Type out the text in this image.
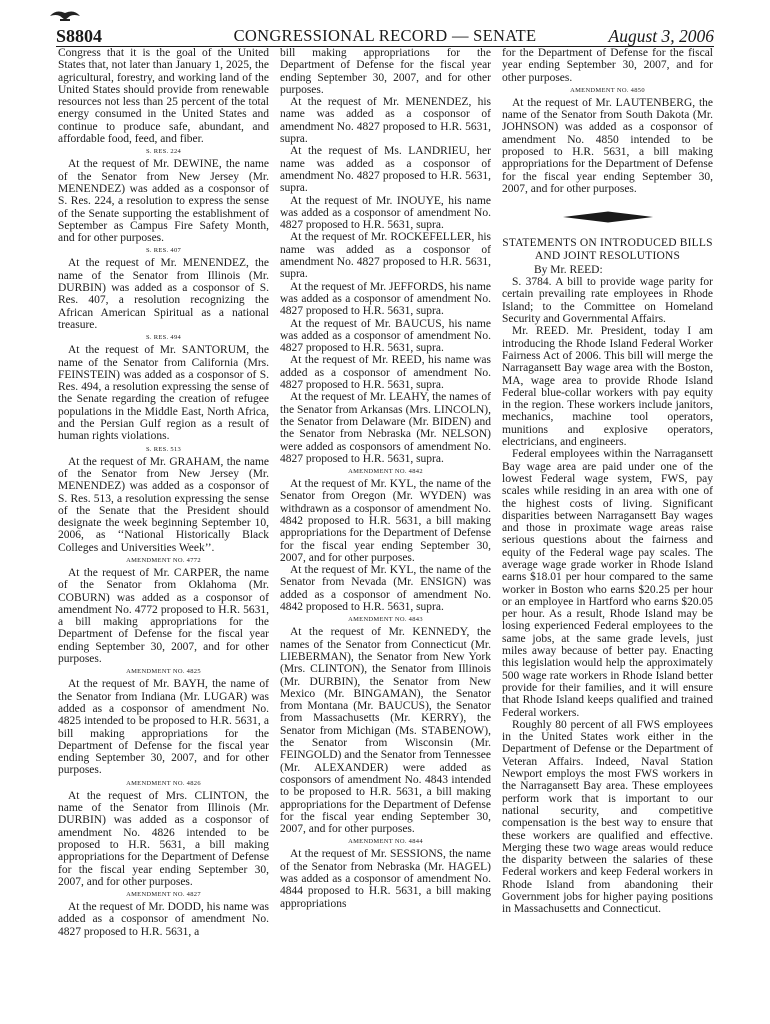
S8804	CONGRESSIONAL RECORD — SENATE	August 3, 2006

Congress that it is the goal of the United States that, not later than January 1, 2025, the agricultural, forestry, and working land of the United States should provide from renewable resources not less than 25 percent of the total energy consumed in the United States and continue to produce safe, abundant, and affordable food, feed, and fiber.

S. RES. 224

At the request of Mr. DEWINE, the name of the Senator from New Jersey (Mr. MENENDEZ) was added as a cosponsor of S. Res. 224, a resolution to express the sense of the Senate supporting the establishment of September as Campus Fire Safety Month, and for other purposes.

S. RES. 407

At the request of Mr. MENENDEZ, the name of the Senator from Illinois (Mr. DURBIN) was added as a cosponsor of S. Res. 407, a resolution recognizing the African American Spiritual as a national treasure.

S. RES. 494

At the request of Mr. SANTORUM, the name of the Senator from California (Mrs. FEINSTEIN) was added as a cosponsor of S. Res. 494, a resolution expressing the sense of the Senate regarding the creation of refugee populations in the Middle East, North Africa, and the Persian Gulf region as a result of human rights violations.

S. RES. 513

At the request of Mr. GRAHAM, the name of the Senator from New Jersey (Mr. MENENDEZ) was added as a cosponsor of S. Res. 513, a resolution expressing the sense of the Senate that the President should designate the week beginning September 10, 2006, as ‘‘National Historically Black Colleges and Universities Week’’.

AMENDMENT NO. 4772

At the request of Mr. CARPER, the name of the Senator from Oklahoma (Mr. COBURN) was added as a cosponsor of amendment No. 4772 proposed to H.R. 5631, a bill making appropriations for the Department of Defense for the fiscal year ending September 30, 2007, and for other purposes.

AMENDMENT NO. 4825

At the request of Mr. BAYH, the name of the Senator from Indiana (Mr. LUGAR) was added as a cosponsor of amendment No. 4825 intended to be proposed to H.R. 5631, a bill making appropriations for the Department of Defense for the fiscal year ending September 30, 2007, and for other purposes.

AMENDMENT NO. 4826

At the request of Mrs. CLINTON, the name of the Senator from Illinois (Mr. DURBIN) was added as a cosponsor of amendment No. 4826 intended to be proposed to H.R. 5631, a bill making appropriations for the Department of Defense for the fiscal year ending September 30, 2007, and for other purposes.

AMENDMENT NO. 4827

At the request of Mr. DODD, his name was added as a cosponsor of amendment No. 4827 proposed to H.R. 5631, a

bill making appropriations for the Department of Defense for the fiscal year ending September 30, 2007, and for other purposes.

At the request of Mr. MENENDEZ, his name was added as a cosponsor of amendment No. 4827 proposed to H.R. 5631, supra.

At the request of Ms. LANDRIEU, her name was added as a cosponsor of amendment No. 4827 proposed to H.R. 5631, supra.

At the request of Mr. INOUYE, his name was added as a cosponsor of amendment No. 4827 proposed to H.R. 5631, supra.

At the request of Mr. ROCKEFELLER, his name was added as a cosponsor of amendment No. 4827 proposed to H.R. 5631, supra.

At the request of Mr. JEFFORDS, his name was added as a cosponsor of amendment No. 4827 proposed to H.R. 5631, supra.

At the request of Mr. BAUCUS, his name was added as a cosponsor of amendment No. 4827 proposed to H.R. 5631, supra.

At the request of Mr. REED, his name was added as a cosponsor of amendment No. 4827 proposed to H.R. 5631, supra.

At the request of Mr. LEAHY, the names of the Senator from Arkansas (Mrs. LINCOLN), the Senator from Delaware (Mr. BIDEN) and the Senator from Nebraska (Mr. NELSON) were added as cosponsors of amendment No. 4827 proposed to H.R. 5631, supra.

AMENDMENT NO. 4842

At the request of Mr. KYL, the name of the Senator from Oregon (Mr. WYDEN) was withdrawn as a cosponsor of amendment No. 4842 proposed to H.R. 5631, a bill making appropriations for the Department of Defense for the fiscal year ending September 30, 2007, and for other purposes.

At the request of Mr. KYL, the name of the Senator from Nevada (Mr. ENSIGN) was added as a cosponsor of amendment No. 4842 proposed to H.R. 5631, supra.

AMENDMENT NO. 4843

At the request of Mr. KENNEDY, the names of the Senator from Connecticut (Mr. LIEBERMAN), the Senator from New York (Mrs. CLINTON), the Senator from Illinois (Mr. DURBIN), the Senator from New Mexico (Mr. BINGAMAN), the Senator from Montana (Mr. BAUCUS), the Senator from Massachusetts (Mr. KERRY), the Senator from Michigan (Ms. STABENOW), the Senator from Wisconsin (Mr. FEINGOLD) and the Senator from Tennessee (Mr. ALEXANDER) were added as cosponsors of amendment No. 4843 intended to be proposed to H.R. 5631, a bill making appropriations for the Department of Defense for the fiscal year ending September 30, 2007, and for other purposes.

AMENDMENT NO. 4844

At the request of Mr. SESSIONS, the name of the Senator from Nebraska (Mr. HAGEL) was added as a cosponsor of amendment No. 4844 proposed to H.R. 5631, a bill making appropriations

for the Department of Defense for the fiscal year ending September 30, 2007, and for other purposes.

AMENDMENT NO. 4850

At the request of Mr. LAUTENBERG, the name of the Senator from South Dakota (Mr. JOHNSON) was added as a cosponsor of amendment No. 4850 intended to be proposed to H.R. 5631, a bill making appropriations for the Department of Defense for the fiscal year ending September 30, 2007, and for other purposes.

STATEMENTS ON INTRODUCED BILLS AND JOINT RESOLUTIONS

By Mr. REED:

S. 3784. A bill to provide wage parity for certain prevailing rate employees in Rhode Island; to the Committee on Homeland Security and Governmental Affairs.

Mr. REED. Mr. President, today I am introducing the Rhode Island Federal Worker Fairness Act of 2006. This bill will merge the Narragansett Bay wage area with the Boston, MA, wage area to provide Rhode Island Federal blue-collar workers with pay equity in the region. These workers include janitors, mechanics, machine tool operators, munitions and explosive operators, electricians, and engineers.

Federal employees within the Narragansett Bay wage area are paid under one of the lowest Federal wage system, FWS, pay scales while residing in an area with one of the highest costs of living. Significant disparities between Narragansett Bay wages and those in proximate wage areas raise serious questions about the fairness and equity of the Federal wage pay scales. The average wage grade worker in Rhode Island earns $18.01 per hour compared to the same worker in Boston who earns $20.25 per hour or an employee in Hartford who earns $20.05 per hour. As a result, Rhode Island may be losing experienced Federal employees to the same jobs, at the same grade levels, just miles away because of better pay. Enacting this legislation would help the approximately 500 wage rate workers in Rhode Island better provide for their families, and it will ensure that Rhode Island keeps qualified and trained Federal workers.

Roughly 80 percent of all FWS employees in the United States work either in the Department of Defense or the Department of Veteran Affairs. Indeed, Naval Station Newport employs the most FWS workers in the Narragansett Bay area. These employees perform work that is important to our national security, and competitive compensation is the best way to ensure that these workers are qualified and effective. Merging these two wage areas would reduce the disparity between the salaries of these Federal workers and keep Federal workers in Rhode Island from abandoning their Government jobs for higher paying positions in Massachusetts and Connecticut.
